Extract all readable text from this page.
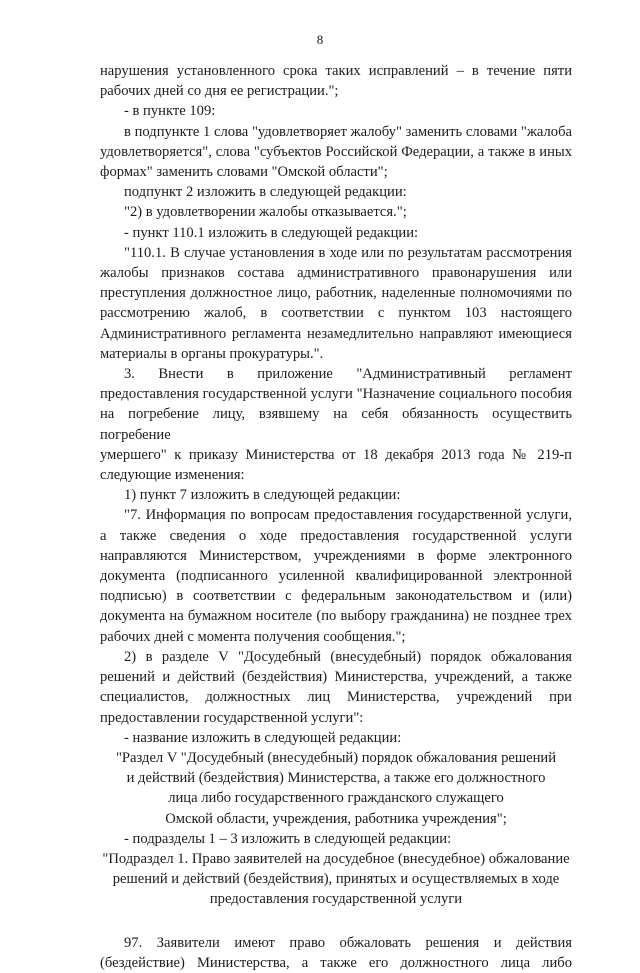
8

нарушения установленного срока таких исправлений – в течение пяти

рабочих дней со дня ее регистрации.";

- в пункте 109:

в подпункте 1 слова "удовлетворяет жалобу" заменить словами "жалоба

удовлетворяется", слова "субъектов Российской Федерации, а также в иных

формах" заменить словами "Омской области";

подпункт 2 изложить в следующей редакции:

"2) в удовлетворении жалобы отказывается.";

- пункт 110.1 изложить в следующей редакции:

"110.1. В случае установления в ходе или по результатам рассмотрения

жалобы признаков состава административного правонарушения или

преступления должностное лицо, работник, наделенные полномочиями по

рассмотрению жалоб, в соответствии с пунктом 103 настоящего

Административного регламента незамедлительно направляют имеющиеся

материалы в органы прокуратуры.".

3. Внести в приложение "Административный регламент

предоставления государственной услуги "Назначение социального пособия

на погребение лицу, взявшему на себя обязанность осуществить погребение

умершего" к приказу Министерства от 18 декабря 2013 года № 219-п

следующие изменения:

1) пункт 7 изложить в следующей редакции:

"7. Информация по вопросам предоставления государственной услуги,

а также сведения о ходе предоставления государственной услуги

направляются Министерством, учреждениями в форме электронного

документа (подписанного усиленной квалифицированной электронной

подписью) в соответствии с федеральным законодательством и (или)

документа на бумажном носителе (по выбору гражданина) не позднее трех

рабочих дней с момента получения сообщения.";

2) в разделе V "Досудебный (внесудебный) порядок обжалования

решений и действий (бездействия) Министерства, учреждений, а также

специалистов, должностных лиц Министерства, учреждений при

предоставлении государственной услуги":

- название изложить в следующей редакции:

"Раздел V "Досудебный (внесудебный) порядок обжалования решений

и действий (бездействия) Министерства, а также его должностного

лица либо государственного гражданского служащего

Омской области, учреждения, работника учреждения";

- подразделы 1 – 3 изложить в следующей редакции:

"Подраздел 1. Право заявителей на досудебное (внесудебное) обжалование

решений и действий (бездействия), принятых и осуществляемых в ходе

предоставления государственной услуги

97. Заявители имеют право обжаловать решения и действия

(бездействие) Министерства, а также его должностного лица либо
